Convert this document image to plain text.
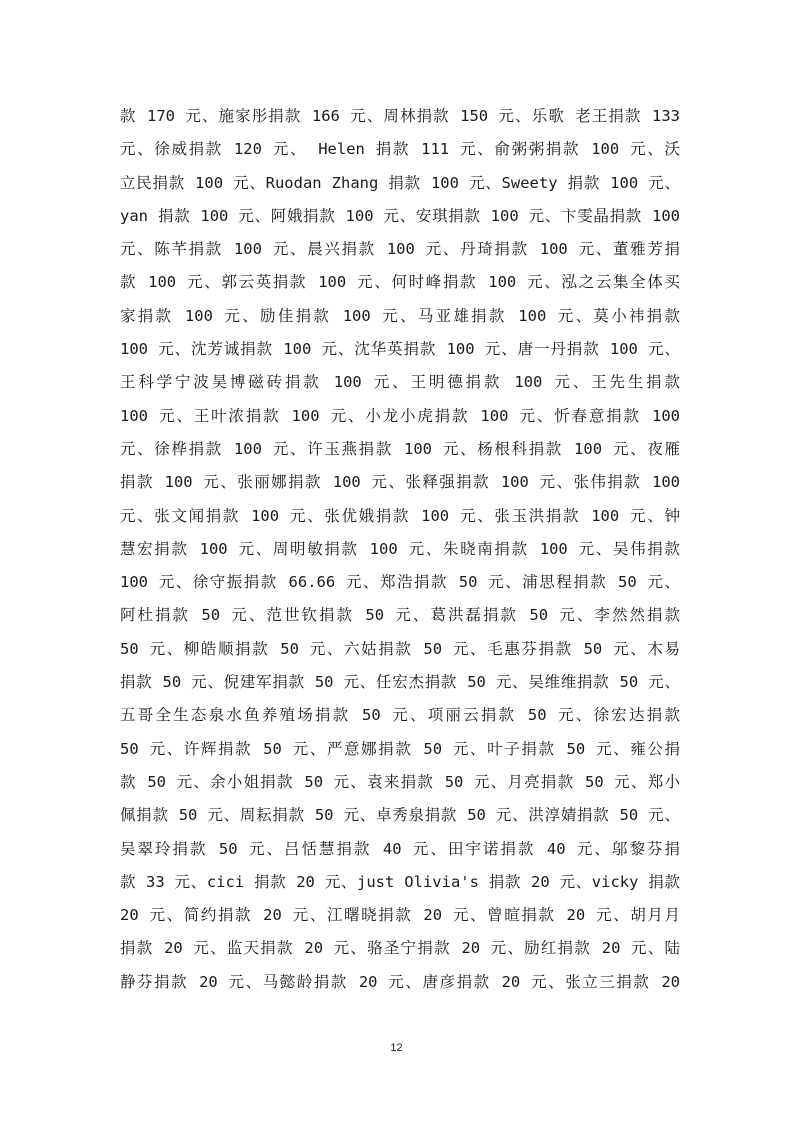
款 170 元、施家彤捐款 166 元、周林捐款 150 元、乐歌 老王捐款 133
元、徐威捐款 120 元、 Helen 捐款 111 元、俞粥粥捐款 100 元、沃
立民捐款 100 元、Ruodan Zhang 捐款 100 元、Sweety 捐款 100 元、
yan 捐款 100 元、阿娥捐款 100 元、安琪捐款 100 元、卞雯晶捐款 100
元、陈芊捐款 100 元、晨兴捐款 100 元、丹琦捐款 100 元、董雅芳捐
款 100 元、郭云英捐款 100 元、何时峰捐款 100 元、泓之云集全体买
家捐款 100 元、励佳捐款 100 元、马亚雄捐款 100 元、莫小祎捐款
100 元、沈芳诚捐款 100 元、沈华英捐款 100 元、唐一丹捐款 100 元、
王科学宁波昊博磁砖捐款 100 元、王明德捐款 100 元、王先生捐款
100 元、王叶浓捐款 100 元、小龙小虎捐款 100 元、忻春意捐款 100
元、徐桦捐款 100 元、许玉燕捐款 100 元、杨根科捐款 100 元、夜雁
捐款 100 元、张丽娜捐款 100 元、张释强捐款 100 元、张伟捐款 100
元、张文闻捐款 100 元、张优娥捐款 100 元、张玉洪捐款 100 元、钟
慧宏捐款 100 元、周明敏捐款 100 元、朱晓南捐款 100 元、吴伟捐款
100 元、徐守振捐款 66.66 元、郑浩捐款 50 元、浦思程捐款 50 元、
阿杜捐款 50 元、范世钦捐款 50 元、葛洪磊捐款 50 元、李然然捐款
50 元、柳皓顺捐款 50 元、六姑捐款 50 元、毛惠芬捐款 50 元、木易
捐款 50 元、倪建军捐款 50 元、任宏杰捐款 50 元、吴维维捐款 50 元、
五哥全生态泉水鱼养殖场捐款 50 元、项丽云捐款 50 元、徐宏达捐款
50 元、许辉捐款 50 元、严意娜捐款 50 元、叶子捐款 50 元、雍公捐
款 50 元、余小姐捐款 50 元、袁来捐款 50 元、月亮捐款 50 元、郑小
佩捐款 50 元、周耘捐款 50 元、卓秀泉捐款 50 元、洪淳婧捐款 50 元、
吴翠玲捐款 50 元、吕恬慧捐款 40 元、田宇诺捐款 40 元、邬黎芬捐
款 33 元、cici 捐款 20 元、just Olivia's 捐款 20 元、vicky 捐款
20 元、简约捐款 20 元、江曙晓捐款 20 元、曾暄捐款 20 元、胡月月
捐款 20 元、监天捐款 20 元、骆圣宁捐款 20 元、励红捐款 20 元、陆
静芬捐款 20 元、马懿龄捐款 20 元、唐彦捐款 20 元、张立三捐款 20
12
